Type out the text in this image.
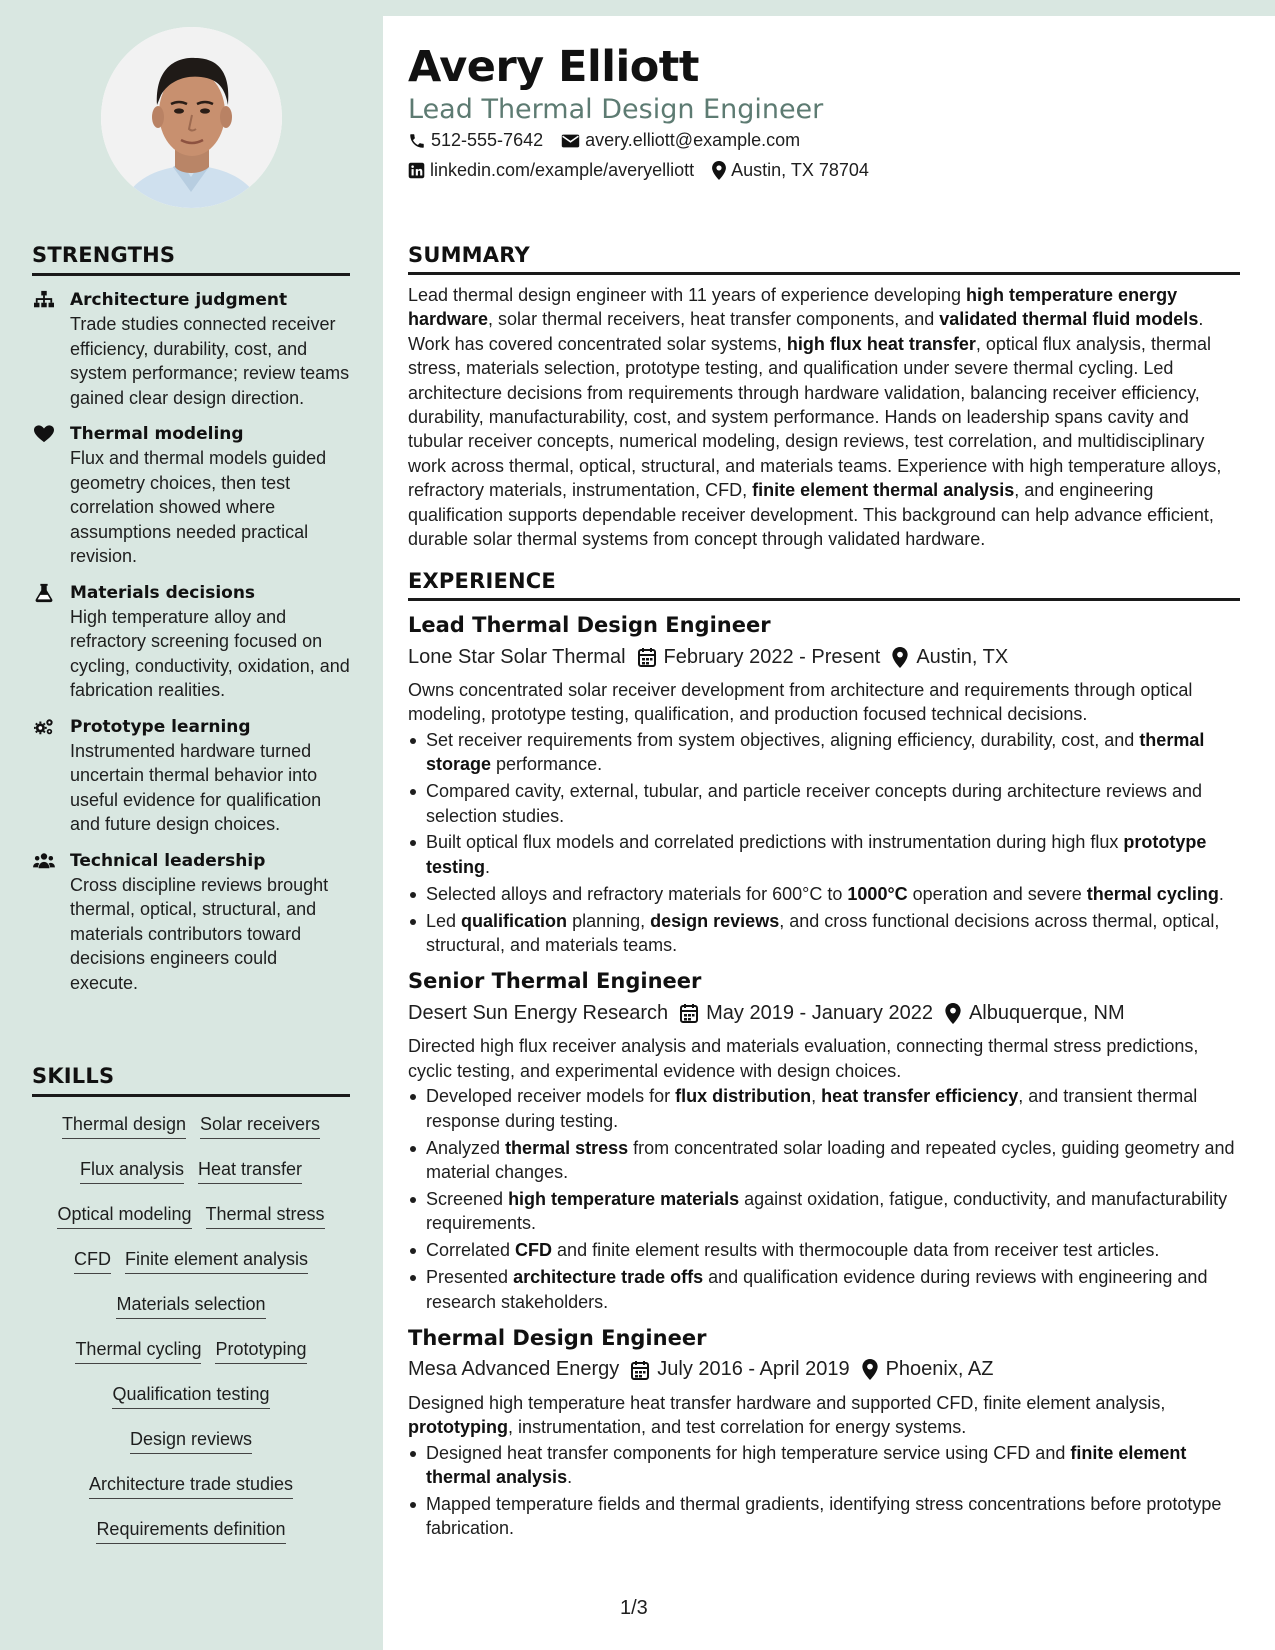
Avery Elliott
Lead Thermal Design Engineer
512-555-7642 avery.elliott@example.com
linkedin.com/example/averyelliott Austin, TX 78704
STRENGTHS
Architecture judgment
Trade studies connected receiver efficiency, durability, cost, and system performance; review teams gained clear design direction.
Thermal modeling
Flux and thermal models guided geometry choices, then test correlation showed where assumptions needed practical revision.
Materials decisions
High temperature alloy and refractory screening focused on cycling, conductivity, oxidation, and fabrication realities.
Prototype learning
Instrumented hardware turned uncertain thermal behavior into useful evidence for qualification and future design choices.
Technical leadership
Cross discipline reviews brought thermal, optical, structural, and materials contributors toward decisions engineers could execute.
SKILLS
Thermal design Solar receivers
Flux analysis Heat transfer
Optical modeling Thermal stress
CFD Finite element analysis
Materials selection
Thermal cycling Prototyping
Qualification testing
Design reviews
Architecture trade studies
Requirements definition
SUMMARY
Lead thermal design engineer with 11 years of experience developing high temperature energy hardware, solar thermal receivers, heat transfer components, and validated thermal fluid models. Work has covered concentrated solar systems, high flux heat transfer, optical flux analysis, thermal stress, materials selection, prototype testing, and qualification under severe thermal cycling. Led architecture decisions from requirements through hardware validation, balancing receiver efficiency, durability, manufacturability, cost, and system performance. Hands on leadership spans cavity and tubular receiver concepts, numerical modeling, design reviews, test correlation, and multidisciplinary work across thermal, optical, structural, and materials teams. Experience with high temperature alloys, refractory materials, instrumentation, CFD, finite element thermal analysis, and engineering qualification supports dependable receiver development. This background can help advance efficient, durable solar thermal systems from concept through validated hardware.
EXPERIENCE
Lead Thermal Design Engineer
Lone Star Solar Thermal February 2022 - Present Austin, TX
Owns concentrated solar receiver development from architecture and requirements through optical modeling, prototype testing, qualification, and production focused technical decisions.
Set receiver requirements from system objectives, aligning efficiency, durability, cost, and thermal storage performance.
Compared cavity, external, tubular, and particle receiver concepts during architecture reviews and selection studies.
Built optical flux models and correlated predictions with instrumentation during high flux prototype testing.
Selected alloys and refractory materials for 600°C to 1000°C operation and severe thermal cycling.
Led qualification planning, design reviews, and cross functional decisions across thermal, optical, structural, and materials teams.
Senior Thermal Engineer
Desert Sun Energy Research May 2019 - January 2022 Albuquerque, NM
Directed high flux receiver analysis and materials evaluation, connecting thermal stress predictions, cyclic testing, and experimental evidence with design choices.
Developed receiver models for flux distribution, heat transfer efficiency, and transient thermal response during testing.
Analyzed thermal stress from concentrated solar loading and repeated cycles, guiding geometry and material changes.
Screened high temperature materials against oxidation, fatigue, conductivity, and manufacturability requirements.
Correlated CFD and finite element results with thermocouple data from receiver test articles.
Presented architecture trade offs and qualification evidence during reviews with engineering and research stakeholders.
Thermal Design Engineer
Mesa Advanced Energy July 2016 - April 2019 Phoenix, AZ
Designed high temperature heat transfer hardware and supported CFD, finite element analysis, prototyping, instrumentation, and test correlation for energy systems.
Designed heat transfer components for high temperature service using CFD and finite element thermal analysis.
Mapped temperature fields and thermal gradients, identifying stress concentrations before prototype fabrication.
1/3
